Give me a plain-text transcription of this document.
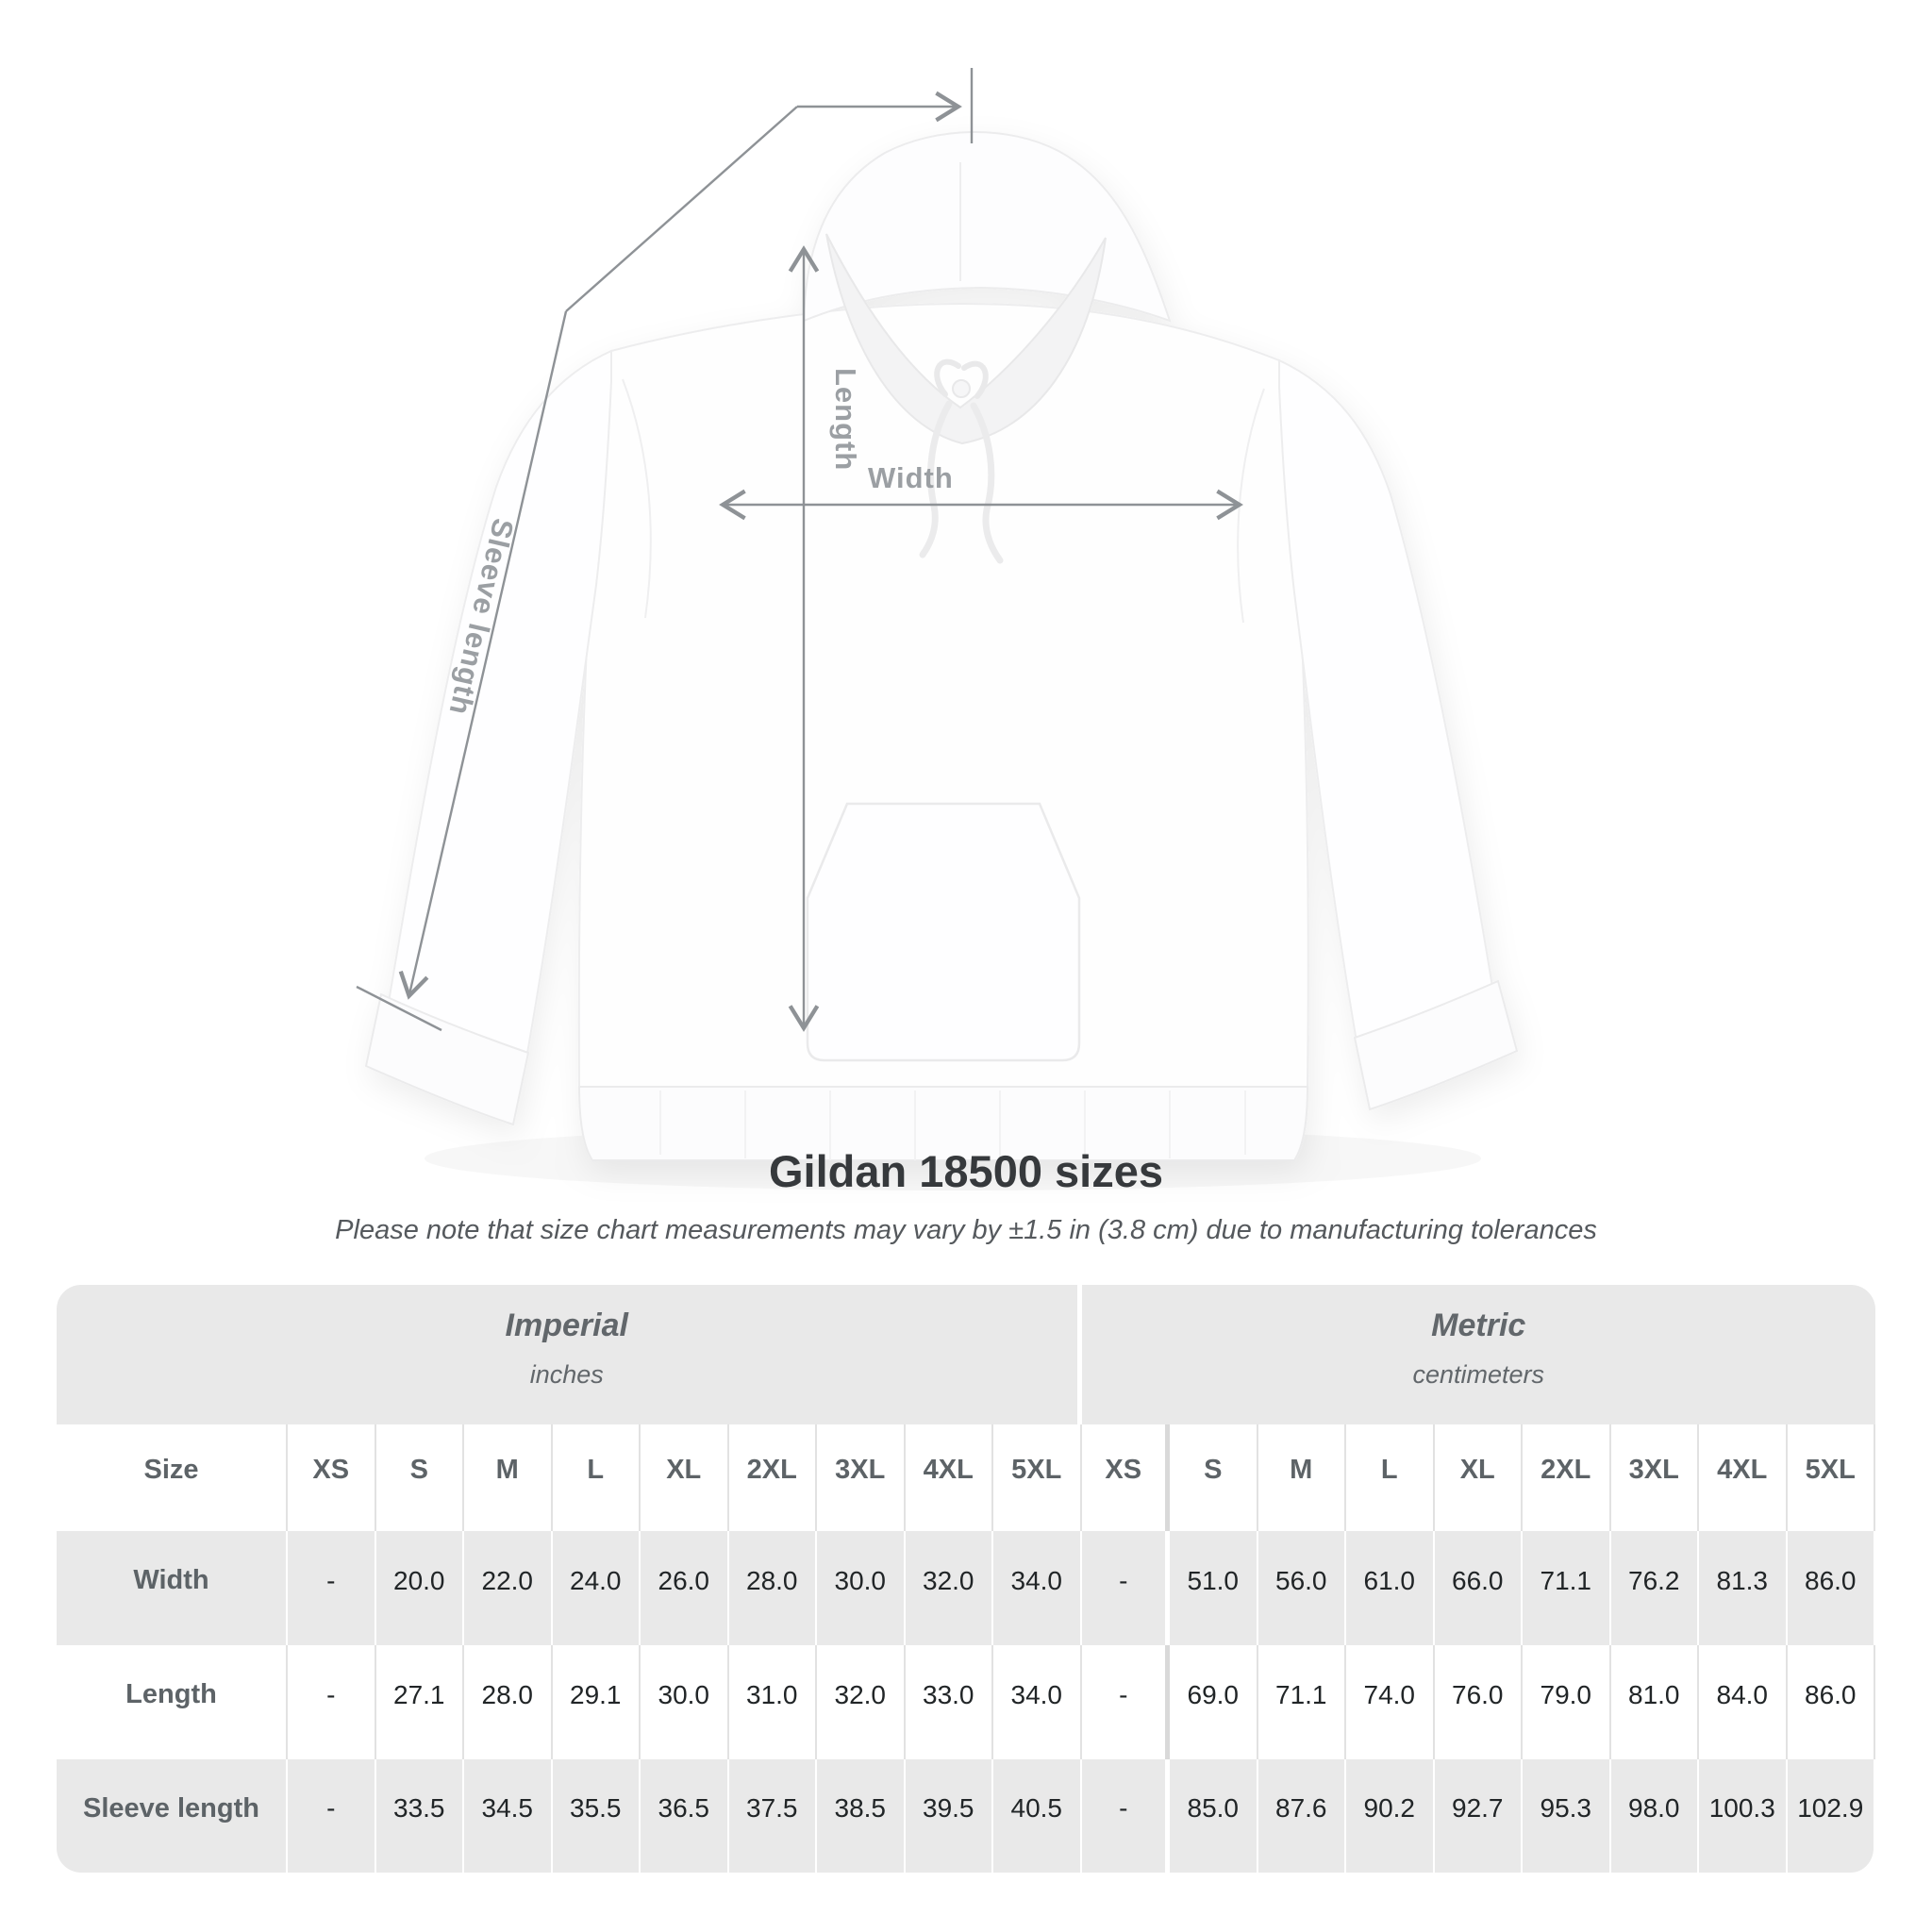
Length
Width
Sleeve length
Gildan 18500 sizes
Please note that size chart measurements may vary by ±1.5 in (3.8 cm) due to manufacturing tolerances
Imperial
inches
Metric
centimeters
Size	XS	S	M	L	XL	2XL	3XL	4XL	5XL	XS	S	M	L	XL	2XL	3XL	4XL	5XL
Width	-	20.0	22.0	24.0	26.0	28.0	30.0	32.0	34.0	-	51.0	56.0	61.0	66.0	71.1	76.2	81.3	86.0
Length	-	27.1	28.0	29.1	30.0	31.0	32.0	33.0	34.0	-	69.0	71.1	74.0	76.0	79.0	81.0	84.0	86.0
Sleeve length	-	33.5	34.5	35.5	36.5	37.5	38.5	39.5	40.5	-	85.0	87.6	90.2	92.7	95.3	98.0	100.3 102.9
